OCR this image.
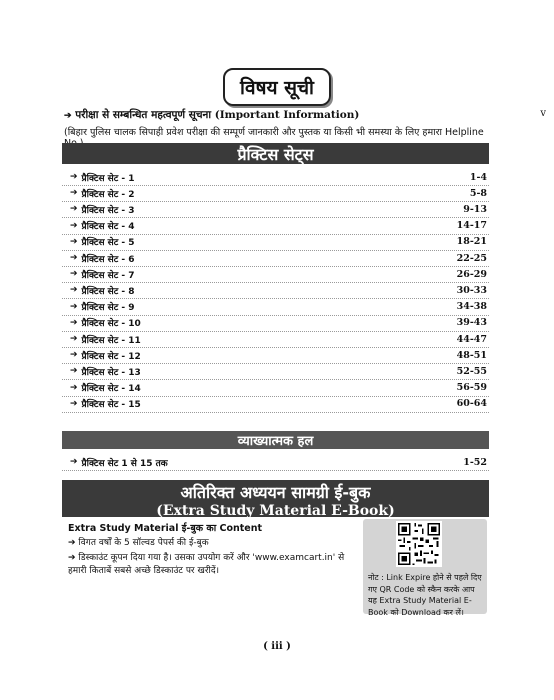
विषय सूची
➔ परीक्षा से सम्बन्धित महत्वपूर्ण सूचना (Important Information)
(बिहार पुलिस चालक सिपाही प्रवेश परीक्षा की सम्पूर्ण जानकारी और पुस्तक या किसी भी समस्या के लिए हमारा Helpline
v
प्रैक्टिस सेट्स
➔ प्रैक्टिस सेट - 1	1-4
➔ प्रैक्टिस सेट - 2	5-8
➔ प्रैक्टिस सेट - 3	9-13
➔ प्रैक्टिस सेट - 4	14-17
➔ प्रैक्टिस सेट - 5	18-21
➔ प्रैक्टिस सेट - 6	22-25
➔ प्रैक्टिस सेट - 7	26-29
➔ प्रैक्टिस सेट - 8	30-33
➔ प्रैक्टिस सेट - 9	34-38
➔ प्रैक्टिस सेट - 10	39-43
➔ प्रैक्टिस सेट - 11	44-47
➔ प्रैक्टिस सेट - 12	48-51
➔ प्रैक्टिस सेट - 13	52-55
➔ प्रैक्टिस सेट - 14	56-59
➔ प्रैक्टिस सेट - 15	60-64
व्याख्यात्मक हल
➔ प्रैक्टिस सेट 1 से 15 तक	1-52
अतिरिक्त अध्ययन सामग्री ई-बुक
(Extra Study Material E-Book)
Extra Study Material ई-बुक का Content
➔ विगत वर्षों के 5 सॉल्वड पेपर्स की ई-बुक
➔ डिस्काउंट कूपन दिया गया है। उसका उपयोग करें और 'www.examcart.in' से हमारी किताबें सबसे अच्छे डिस्काउंट पर खरीदें।
नोट : Link Expire होने से पहले दिए गए QR Code को स्कैन करके आप यह Extra Study Material E-Book को Download कर लें।
( iii )
